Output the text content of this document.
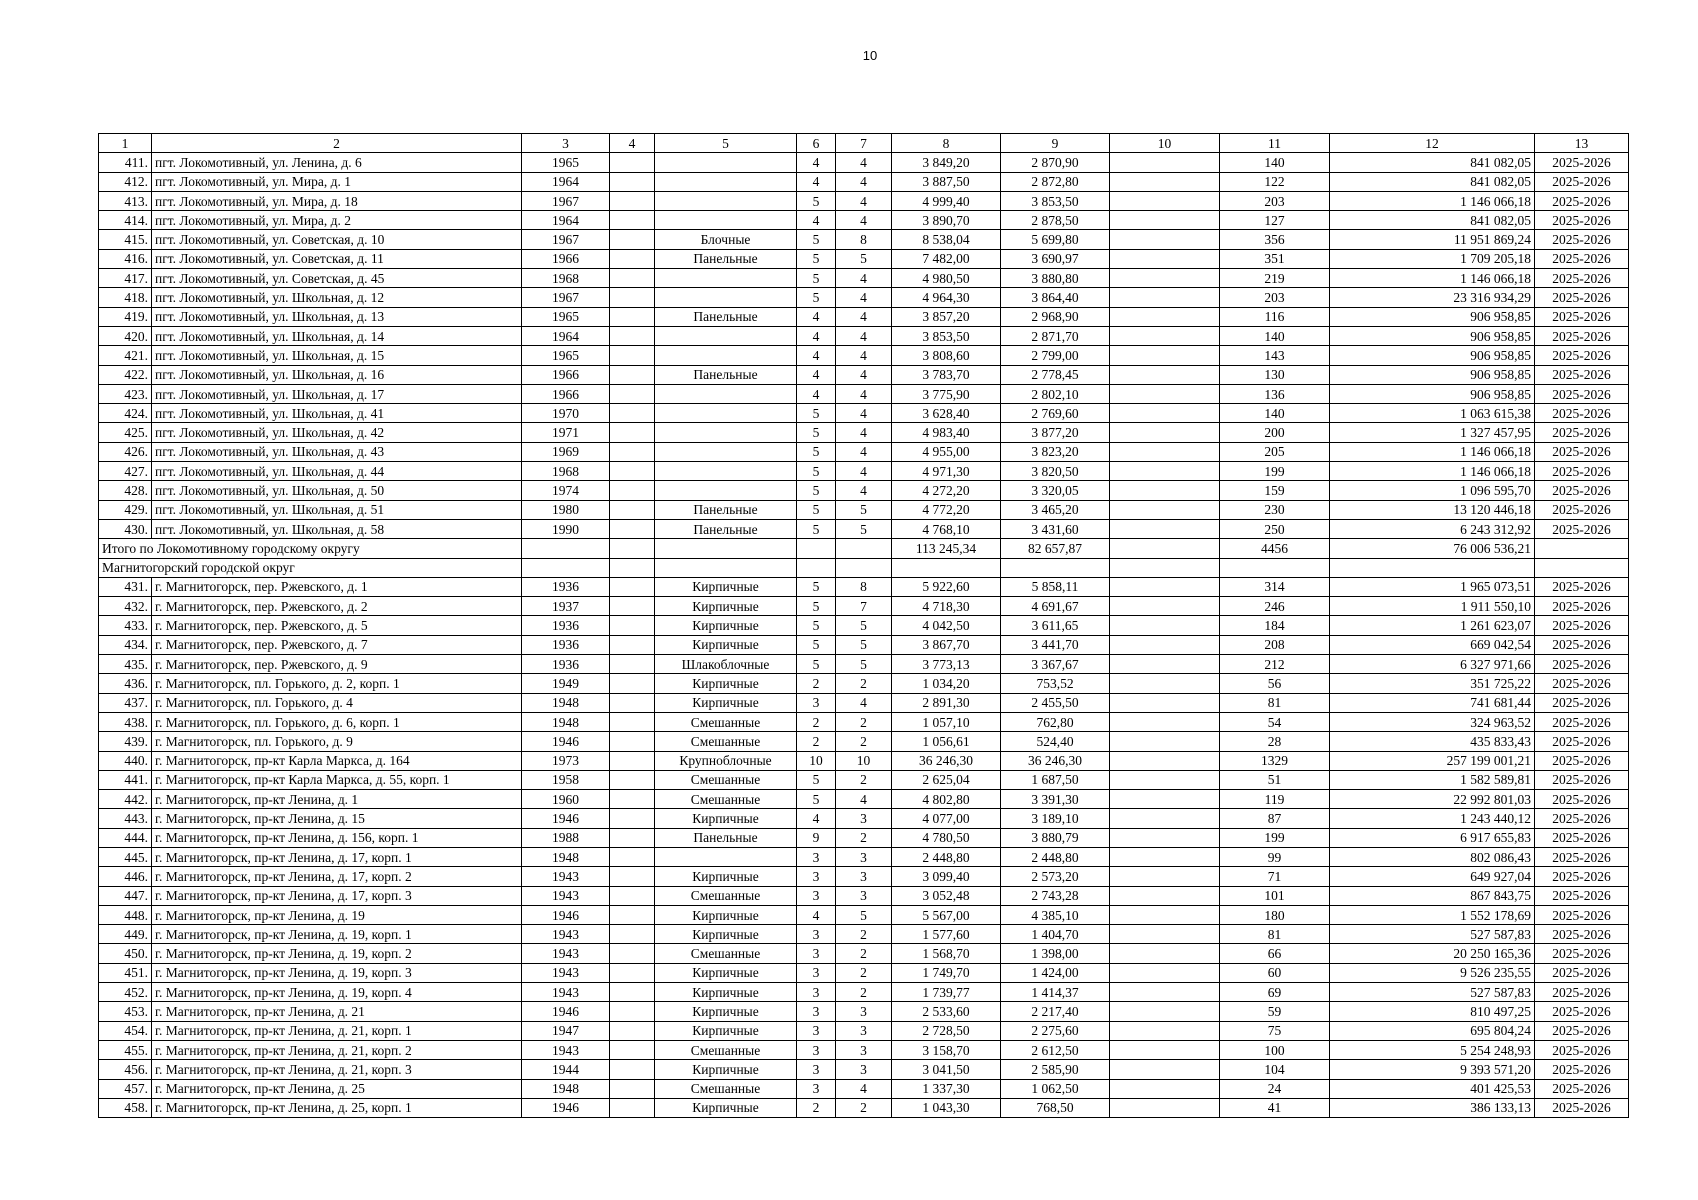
10
1	2	3	4	5	6	7	8	9	10	11	12	13
411.	пгт. Локомотивный, ул. Ленина, д. 6	1965			4	4	3 849,20	2 870,90		140	841 082,05	2025-2026
412.	пгт. Локомотивный, ул. Мира, д. 1	1964			4	4	3 887,50	2 872,80		122	841 082,05	2025-2026
413.	пгт. Локомотивный, ул. Мира, д. 18	1967			5	4	4 999,40	3 853,50		203	1 146 066,18	2025-2026
414.	пгт. Локомотивный, ул. Мира, д. 2	1964			4	4	3 890,70	2 878,50		127	841 082,05	2025-2026
415.	пгт. Локомотивный, ул. Советская, д. 10	1967		Блочные	5	8	8 538,04	5 699,80		356	11 951 869,24	2025-2026
416.	пгт. Локомотивный, ул. Советская, д. 11	1966		Панельные	5	5	7 482,00	3 690,97		351	1 709 205,18	2025-2026
417.	пгт. Локомотивный, ул. Советская, д. 45	1968			5	4	4 980,50	3 880,80		219	1 146 066,18	2025-2026
418.	пгт. Локомотивный, ул. Школьная, д. 12	1967			5	4	4 964,30	3 864,40		203	23 316 934,29	2025-2026
419.	пгт. Локомотивный, ул. Школьная, д. 13	1965		Панельные	4	4	3 857,20	2 968,90		116	906 958,85	2025-2026
420.	пгт. Локомотивный, ул. Школьная, д. 14	1964			4	4	3 853,50	2 871,70		140	906 958,85	2025-2026
421.	пгт. Локомотивный, ул. Школьная, д. 15	1965			4	4	3 808,60	2 799,00		143	906 958,85	2025-2026
422.	пгт. Локомотивный, ул. Школьная, д. 16	1966		Панельные	4	4	3 783,70	2 778,45		130	906 958,85	2025-2026
423.	пгт. Локомотивный, ул. Школьная, д. 17	1966			4	4	3 775,90	2 802,10		136	906 958,85	2025-2026
424.	пгт. Локомотивный, ул. Школьная, д. 41	1970			5	4	3 628,40	2 769,60		140	1 063 615,38	2025-2026
425.	пгт. Локомотивный, ул. Школьная, д. 42	1971			5	4	4 983,40	3 877,20		200	1 327 457,95	2025-2026
426.	пгт. Локомотивный, ул. Школьная, д. 43	1969			5	4	4 955,00	3 823,20		205	1 146 066,18	2025-2026
427.	пгт. Локомотивный, ул. Школьная, д. 44	1968			5	4	4 971,30	3 820,50		199	1 146 066,18	2025-2026
428.	пгт. Локомотивный, ул. Школьная, д. 50	1974			5	4	4 272,20	3 320,05		159	1 096 595,70	2025-2026
429.	пгт. Локомотивный, ул. Школьная, д. 51	1980		Панельные	5	5	4 772,20	3 465,20		230	13 120 446,18	2025-2026
430.	пгт. Локомотивный, ул. Школьная, д. 58	1990		Панельные	5	5	4 768,10	3 431,60		250	6 243 312,92	2025-2026
Итого по Локомотивному городскому округу							113 245,34	82 657,87		4456	76 006 536,21	
Магнитогорский городской округ												
431.	г. Магнитогорск, пер. Ржевского, д. 1	1936		Кирпичные	5	8	5 922,60	5 858,11		314	1 965 073,51	2025-2026
432.	г. Магнитогорск, пер. Ржевского, д. 2	1937		Кирпичные	5	7	4 718,30	4 691,67		246	1 911 550,10	2025-2026
433.	г. Магнитогорск, пер. Ржевского, д. 5	1936		Кирпичные	5	5	4 042,50	3 611,65		184	1 261 623,07	2025-2026
434.	г. Магнитогорск, пер. Ржевского, д. 7	1936		Кирпичные	5	5	3 867,70	3 441,70		208	669 042,54	2025-2026
435.	г. Магнитогорск, пер. Ржевского, д. 9	1936		Шлакоблочные	5	5	3 773,13	3 367,67		212	6 327 971,66	2025-2026
436.	г. Магнитогорск, пл. Горького, д. 2, корп. 1	1949		Кирпичные	2	2	1 034,20	753,52		56	351 725,22	2025-2026
437.	г. Магнитогорск, пл. Горького, д. 4	1948		Кирпичные	3	4	2 891,30	2 455,50		81	741 681,44	2025-2026
438.	г. Магнитогорск, пл. Горького, д. 6, корп. 1	1948		Смешанные	2	2	1 057,10	762,80		54	324 963,52	2025-2026
439.	г. Магнитогорск, пл. Горького, д. 9	1946		Смешанные	2	2	1 056,61	524,40		28	435 833,43	2025-2026
440.	г. Магнитогорск, пр-кт Карла Маркса, д. 164	1973		Крупноблочные	10	10	36 246,30	36 246,30		1329	257 199 001,21	2025-2026
441.	г. Магнитогорск, пр-кт Карла Маркса, д. 55, корп. 1	1958		Смешанные	5	2	2 625,04	1 687,50		51	1 582 589,81	2025-2026
442.	г. Магнитогорск, пр-кт Ленина, д. 1	1960		Смешанные	5	4	4 802,80	3 391,30		119	22 992 801,03	2025-2026
443.	г. Магнитогорск, пр-кт Ленина, д. 15	1946		Кирпичные	4	3	4 077,00	3 189,10		87	1 243 440,12	2025-2026
444.	г. Магнитогорск, пр-кт Ленина, д. 156, корп. 1	1988		Панельные	9	2	4 780,50	3 880,79		199	6 917 655,83	2025-2026
445.	г. Магнитогорск, пр-кт Ленина, д. 17, корп. 1	1948			3	3	2 448,80	2 448,80		99	802 086,43	2025-2026
446.	г. Магнитогорск, пр-кт Ленина, д. 17, корп. 2	1943		Кирпичные	3	3	3 099,40	2 573,20		71	649 927,04	2025-2026
447.	г. Магнитогорск, пр-кт Ленина, д. 17, корп. 3	1943		Смешанные	3	3	3 052,48	2 743,28		101	867 843,75	2025-2026
448.	г. Магнитогорск, пр-кт Ленина, д. 19	1946		Кирпичные	4	5	5 567,00	4 385,10		180	1 552 178,69	2025-2026
449.	г. Магнитогорск, пр-кт Ленина, д. 19, корп. 1	1943		Кирпичные	3	2	1 577,60	1 404,70		81	527 587,83	2025-2026
450.	г. Магнитогорск, пр-кт Ленина, д. 19, корп. 2	1943		Смешанные	3	2	1 568,70	1 398,00		66	20 250 165,36	2025-2026
451.	г. Магнитогорск, пр-кт Ленина, д. 19, корп. 3	1943		Кирпичные	3	2	1 749,70	1 424,00		60	9 526 235,55	2025-2026
452.	г. Магнитогорск, пр-кт Ленина, д. 19, корп. 4	1943		Кирпичные	3	2	1 739,77	1 414,37		69	527 587,83	2025-2026
453.	г. Магнитогорск, пр-кт Ленина, д. 21	1946		Кирпичные	3	3	2 533,60	2 217,40		59	810 497,25	2025-2026
454.	г. Магнитогорск, пр-кт Ленина, д. 21, корп. 1	1947		Кирпичные	3	3	2 728,50	2 275,60		75	695 804,24	2025-2026
455.	г. Магнитогорск, пр-кт Ленина, д. 21, корп. 2	1943		Смешанные	3	3	3 158,70	2 612,50		100	5 254 248,93	2025-2026
456.	г. Магнитогорск, пр-кт Ленина, д. 21, корп. 3	1944		Кирпичные	3	3	3 041,50	2 585,90		104	9 393 571,20	2025-2026
457.	г. Магнитогорск, пр-кт Ленина, д. 25	1948		Смешанные	3	4	1 337,30	1 062,50		24	401 425,53	2025-2026
458.	г. Магнитогорск, пр-кт Ленина, д. 25, корп. 1	1946		Кирпичные	2	2	1 043,30	768,50		41	386 133,13	2025-2026
